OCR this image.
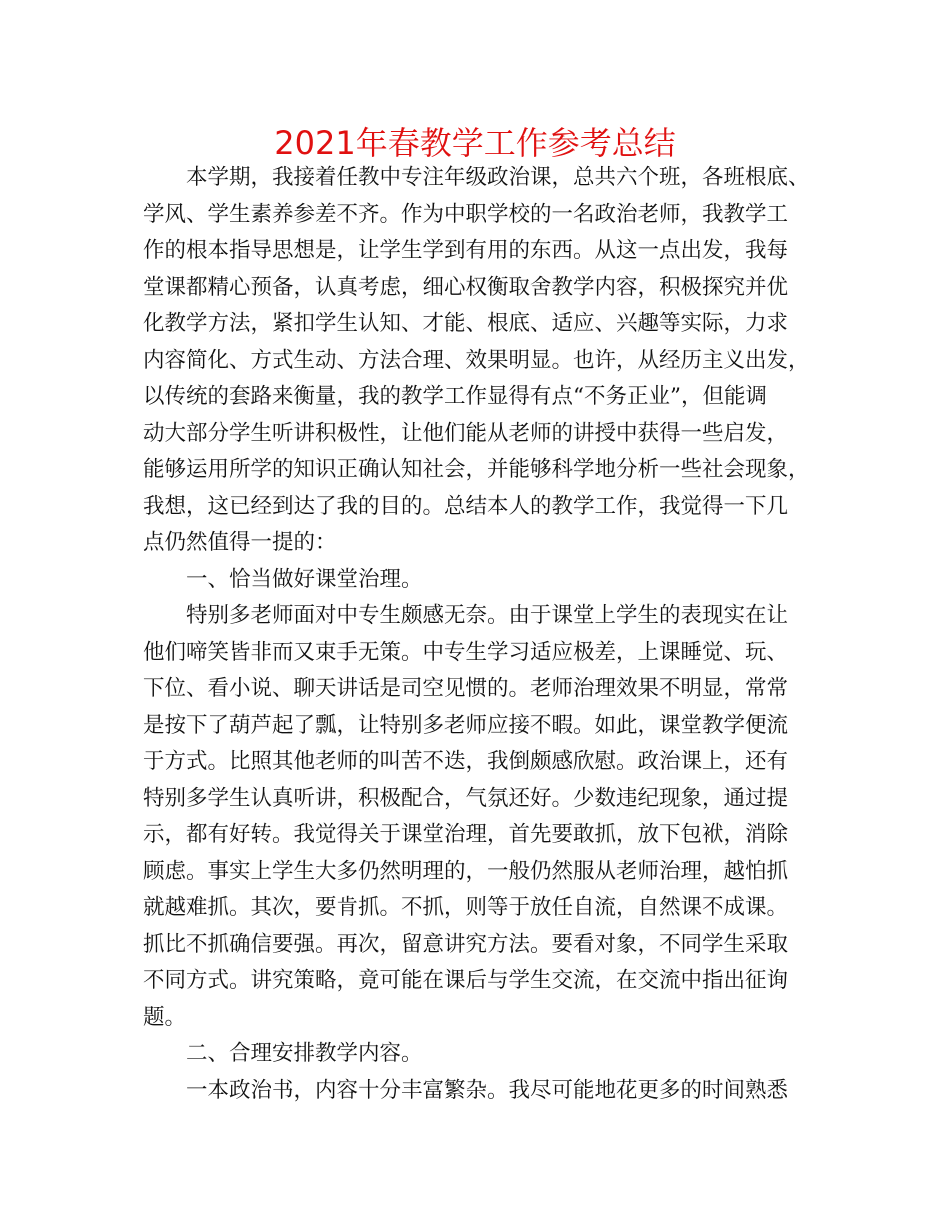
2021年春教学工作参考总结
本学期，我接着任教中专注年级政治课，总共六个班，各班根底、
学风、学生素养参差不齐。作为中职学校的一名政治老师，我教学工
作的根本指导思想是，让学生学到有用的东西。从这一点出发，我每
堂课都精心预备，认真考虑，细心权衡取舍教学内容，积极探究并优
化教学方法，紧扣学生认知、才能、根底、适应、兴趣等实际，力求
内容简化、方式生动、方法合理、效果明显。也许，从经历主义出发，
以传统的套路来衡量，我的教学工作显得有点“不务正业”，但能调
动大部分学生听讲积极性，让他们能从老师的讲授中获得一些启发，
能够运用所学的知识正确认知社会，并能够科学地分析一些社会现象，
我想，这已经到达了我的目的。总结本人的教学工作，我觉得一下几
点仍然值得一提的：
一、恰当做好课堂治理。
特别多老师面对中专生颇感无奈。由于课堂上学生的表现实在让
他们啼笑皆非而又束手无策。中专生学习适应极差，上课睡觉、玩、
下位、看小说、聊天讲话是司空见惯的。老师治理效果不明显，常常
是按下了葫芦起了瓢，让特别多老师应接不暇。如此，课堂教学便流
于方式。比照其他老师的叫苦不迭，我倒颇感欣慰。政治课上，还有
特别多学生认真听讲，积极配合，气氛还好。少数违纪现象，通过提
示，都有好转。我觉得关于课堂治理，首先要敢抓，放下包袱，消除
顾虑。事实上学生大多仍然明理的，一般仍然服从老师治理，越怕抓
就越难抓。其次，要肯抓。不抓，则等于放任自流，自然课不成课。
抓比不抓确信要强。再次，留意讲究方法。要看对象，不同学生采取
不同方式。讲究策略，竟可能在课后与学生交流，在交流中指出征询
题。
二、合理安排教学内容。
一本政治书，内容十分丰富繁杂。我尽可能地花更多的时间熟悉
